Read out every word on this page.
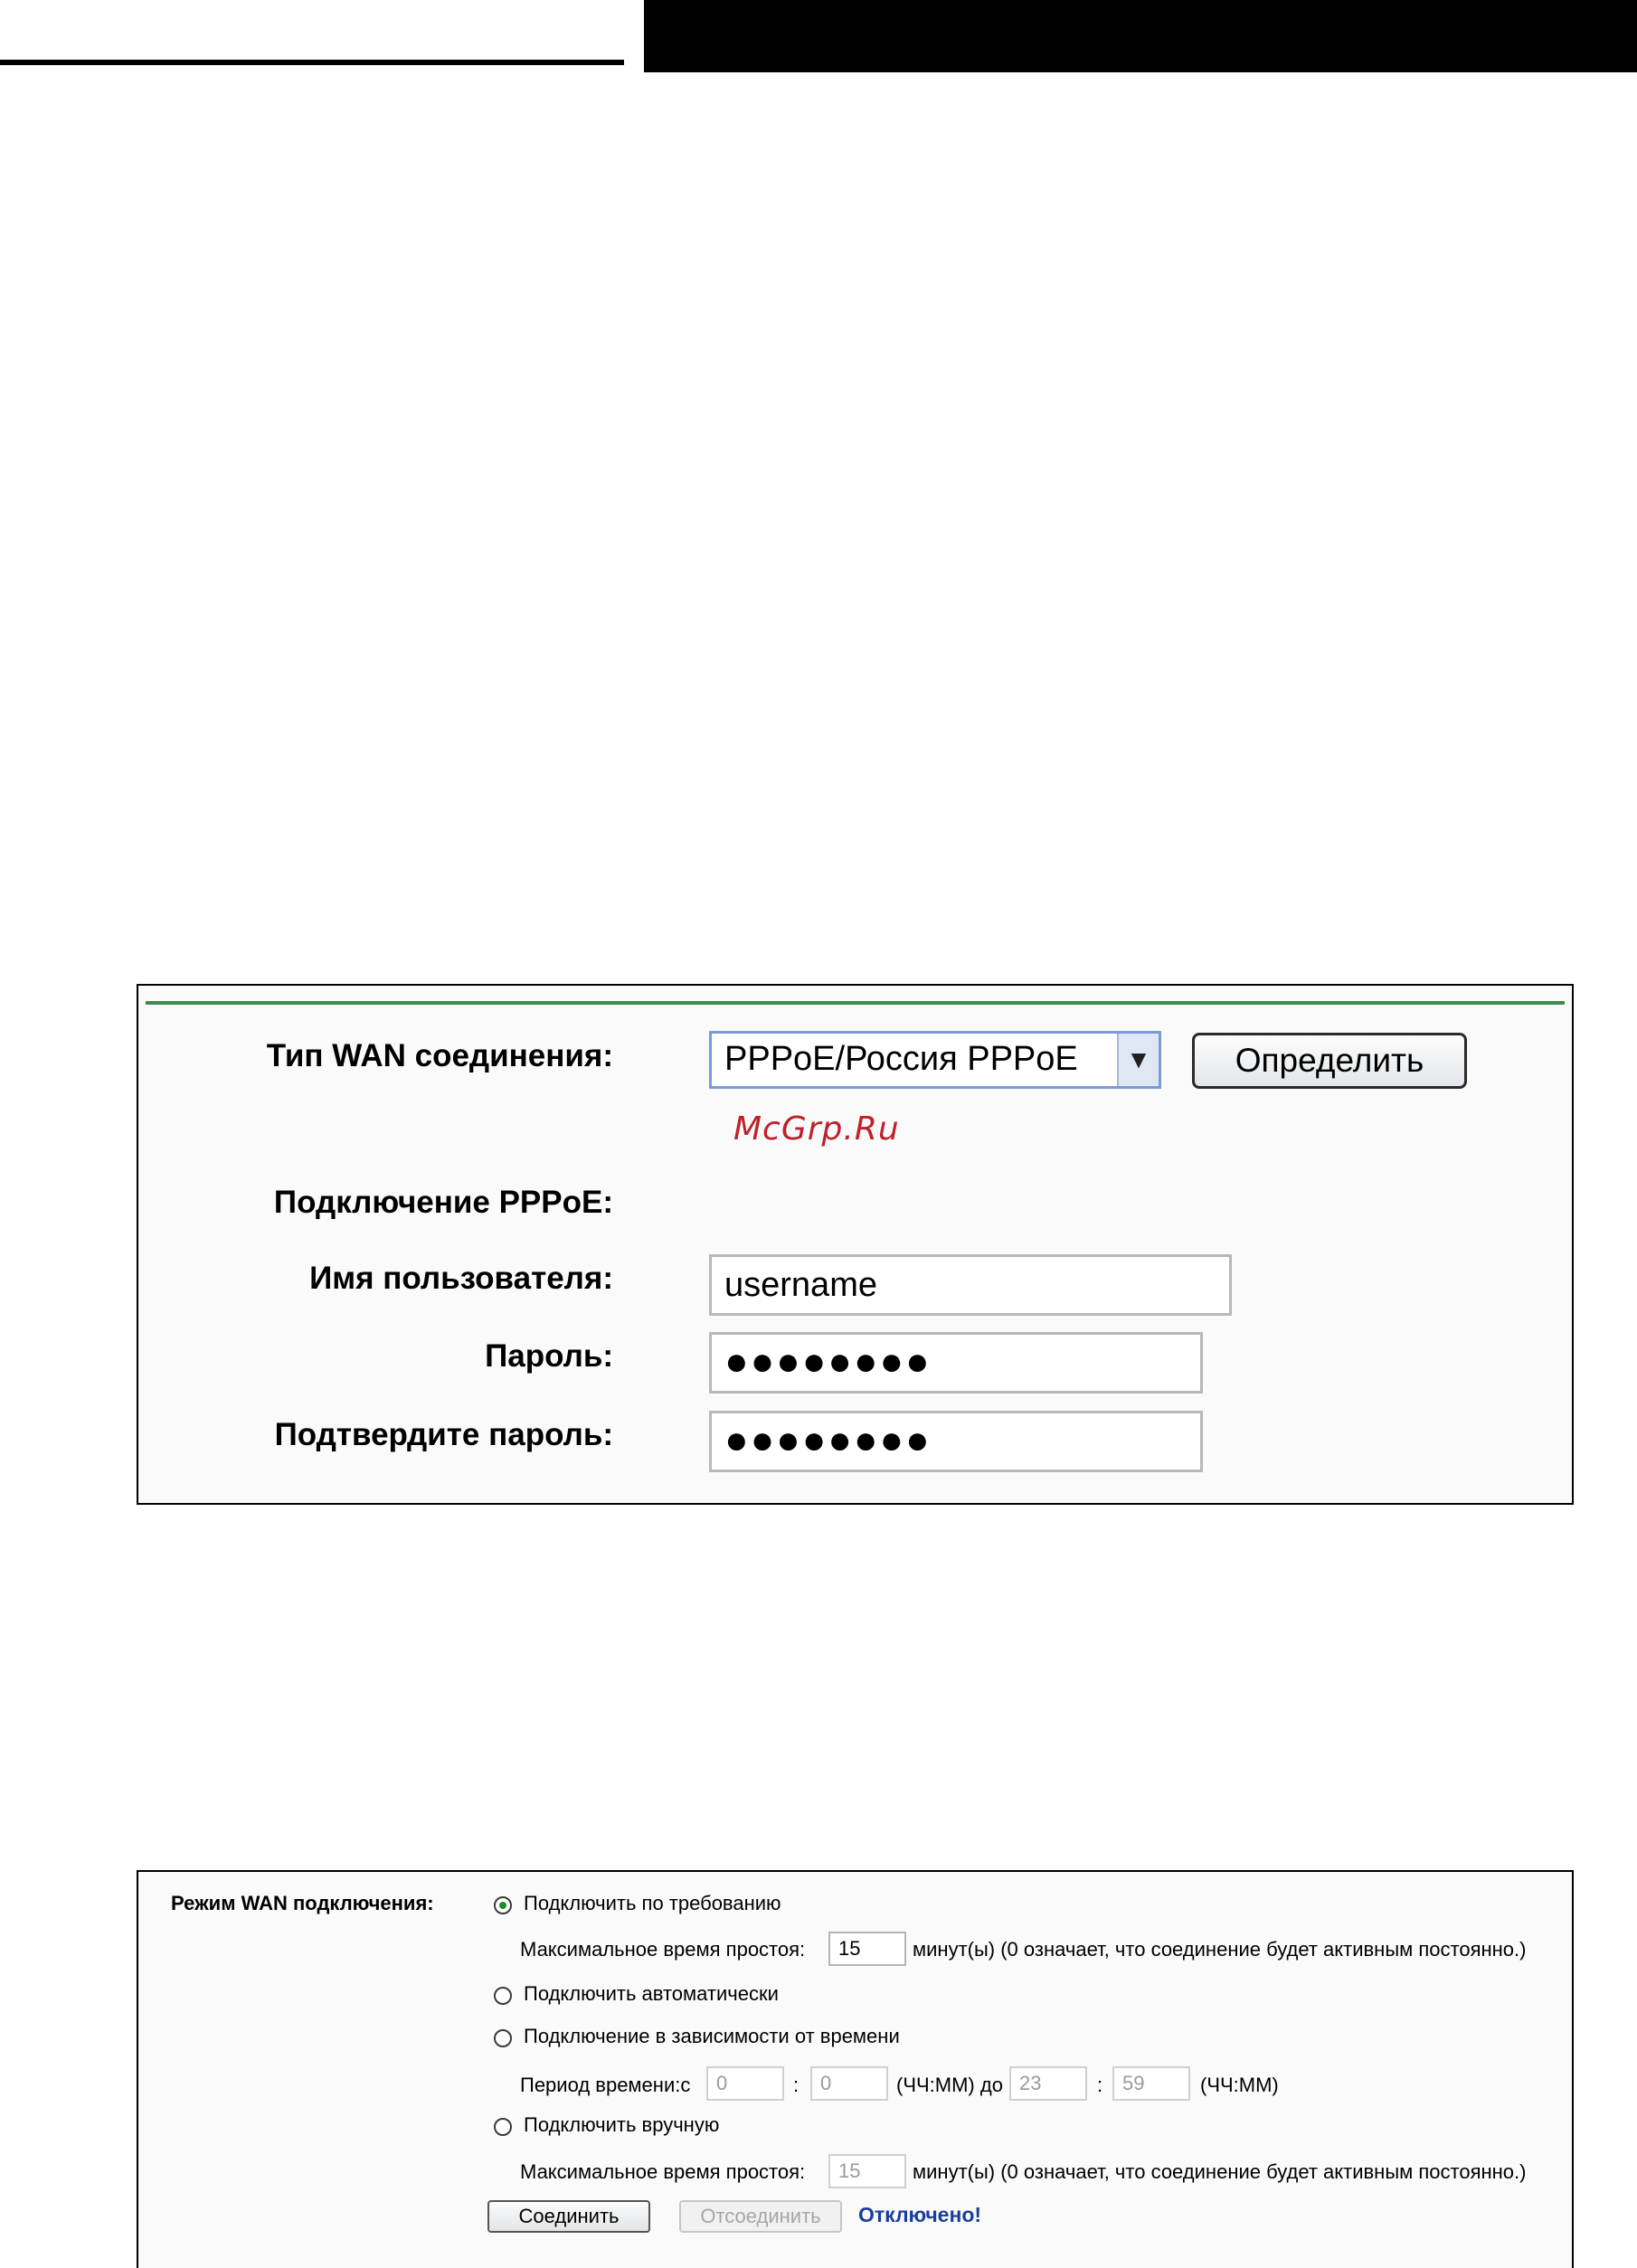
Тип WAN соединения:	PPPoE/Россия PPPoE	▼	Определить
McGrp.Ru
Подключение PPPoE:
Имя пользователя:	username
Пароль:	●●●●●●●●
Подтвердите пароль:	●●●●●●●●
Режим WAN подключения:	Подключить по требованию
Максимальное время простоя:	15	минут(ы) (0 означает, что соединение будет активным постоянно.)
Подключить автоматически
Подключение в зависимости от времени
Период времени:с	0	:	0	(ЧЧ:ММ) до 23	: 59	(ЧЧ:ММ)
Подключить вручную
Максимальное время простоя:	15	минут(ы) (0 означает, что соединение будет активным постоянно.)
Соединить	Отсоединить	Отключено!
